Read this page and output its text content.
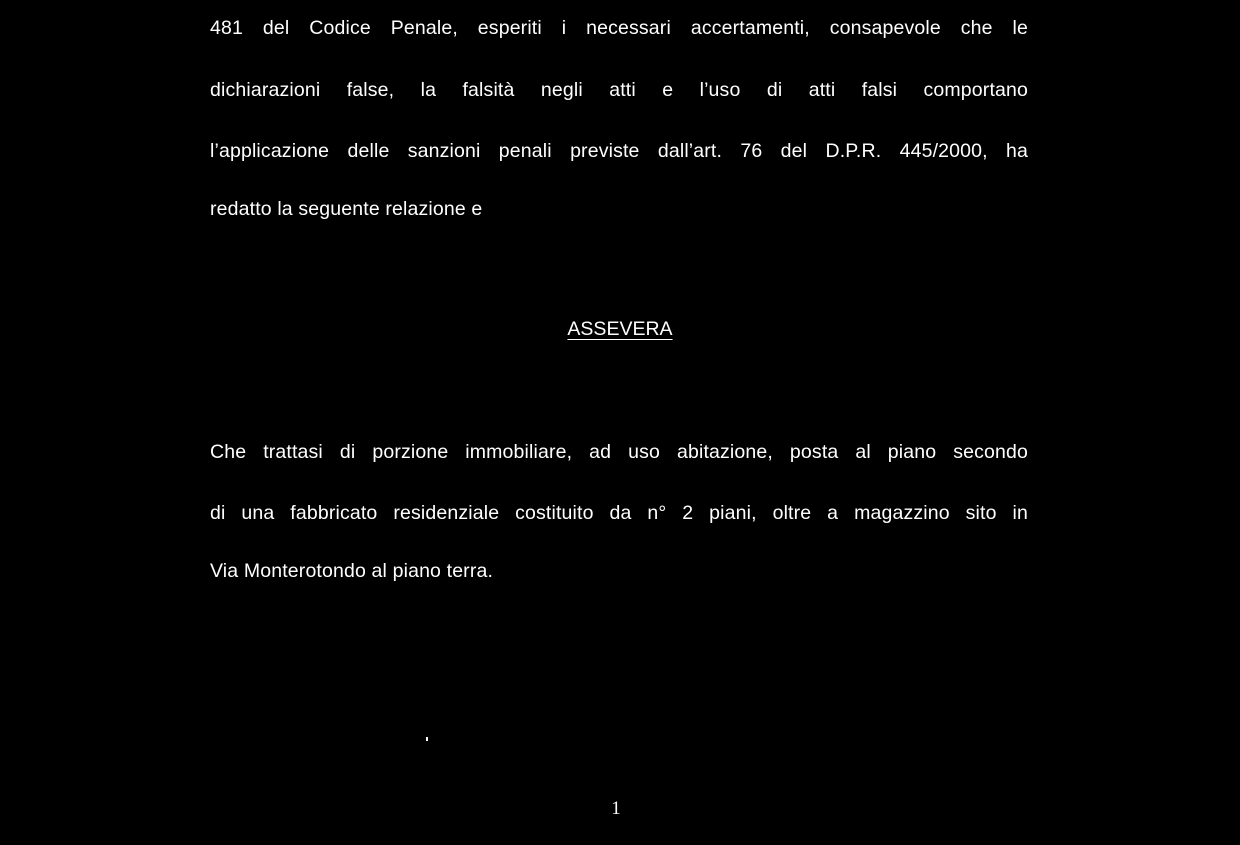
481 del Codice Penale, esperiti i necessari accertamenti, consapevole che le
dichiarazioni false, la falsità negli atti e l’uso di atti falsi comportano
l’applicazione delle sanzioni penali previste dall’art. 76 del D.P.R. 445/2000, ha
redatto la seguente relazione e
ASSEVERA
Che trattasi di porzione immobiliare, ad uso abitazione, posta al piano secondo
di una fabbricato residenziale costituito da n° 2 piani, oltre a magazzino sito in
Via Monterotondo al piano terra.
1
